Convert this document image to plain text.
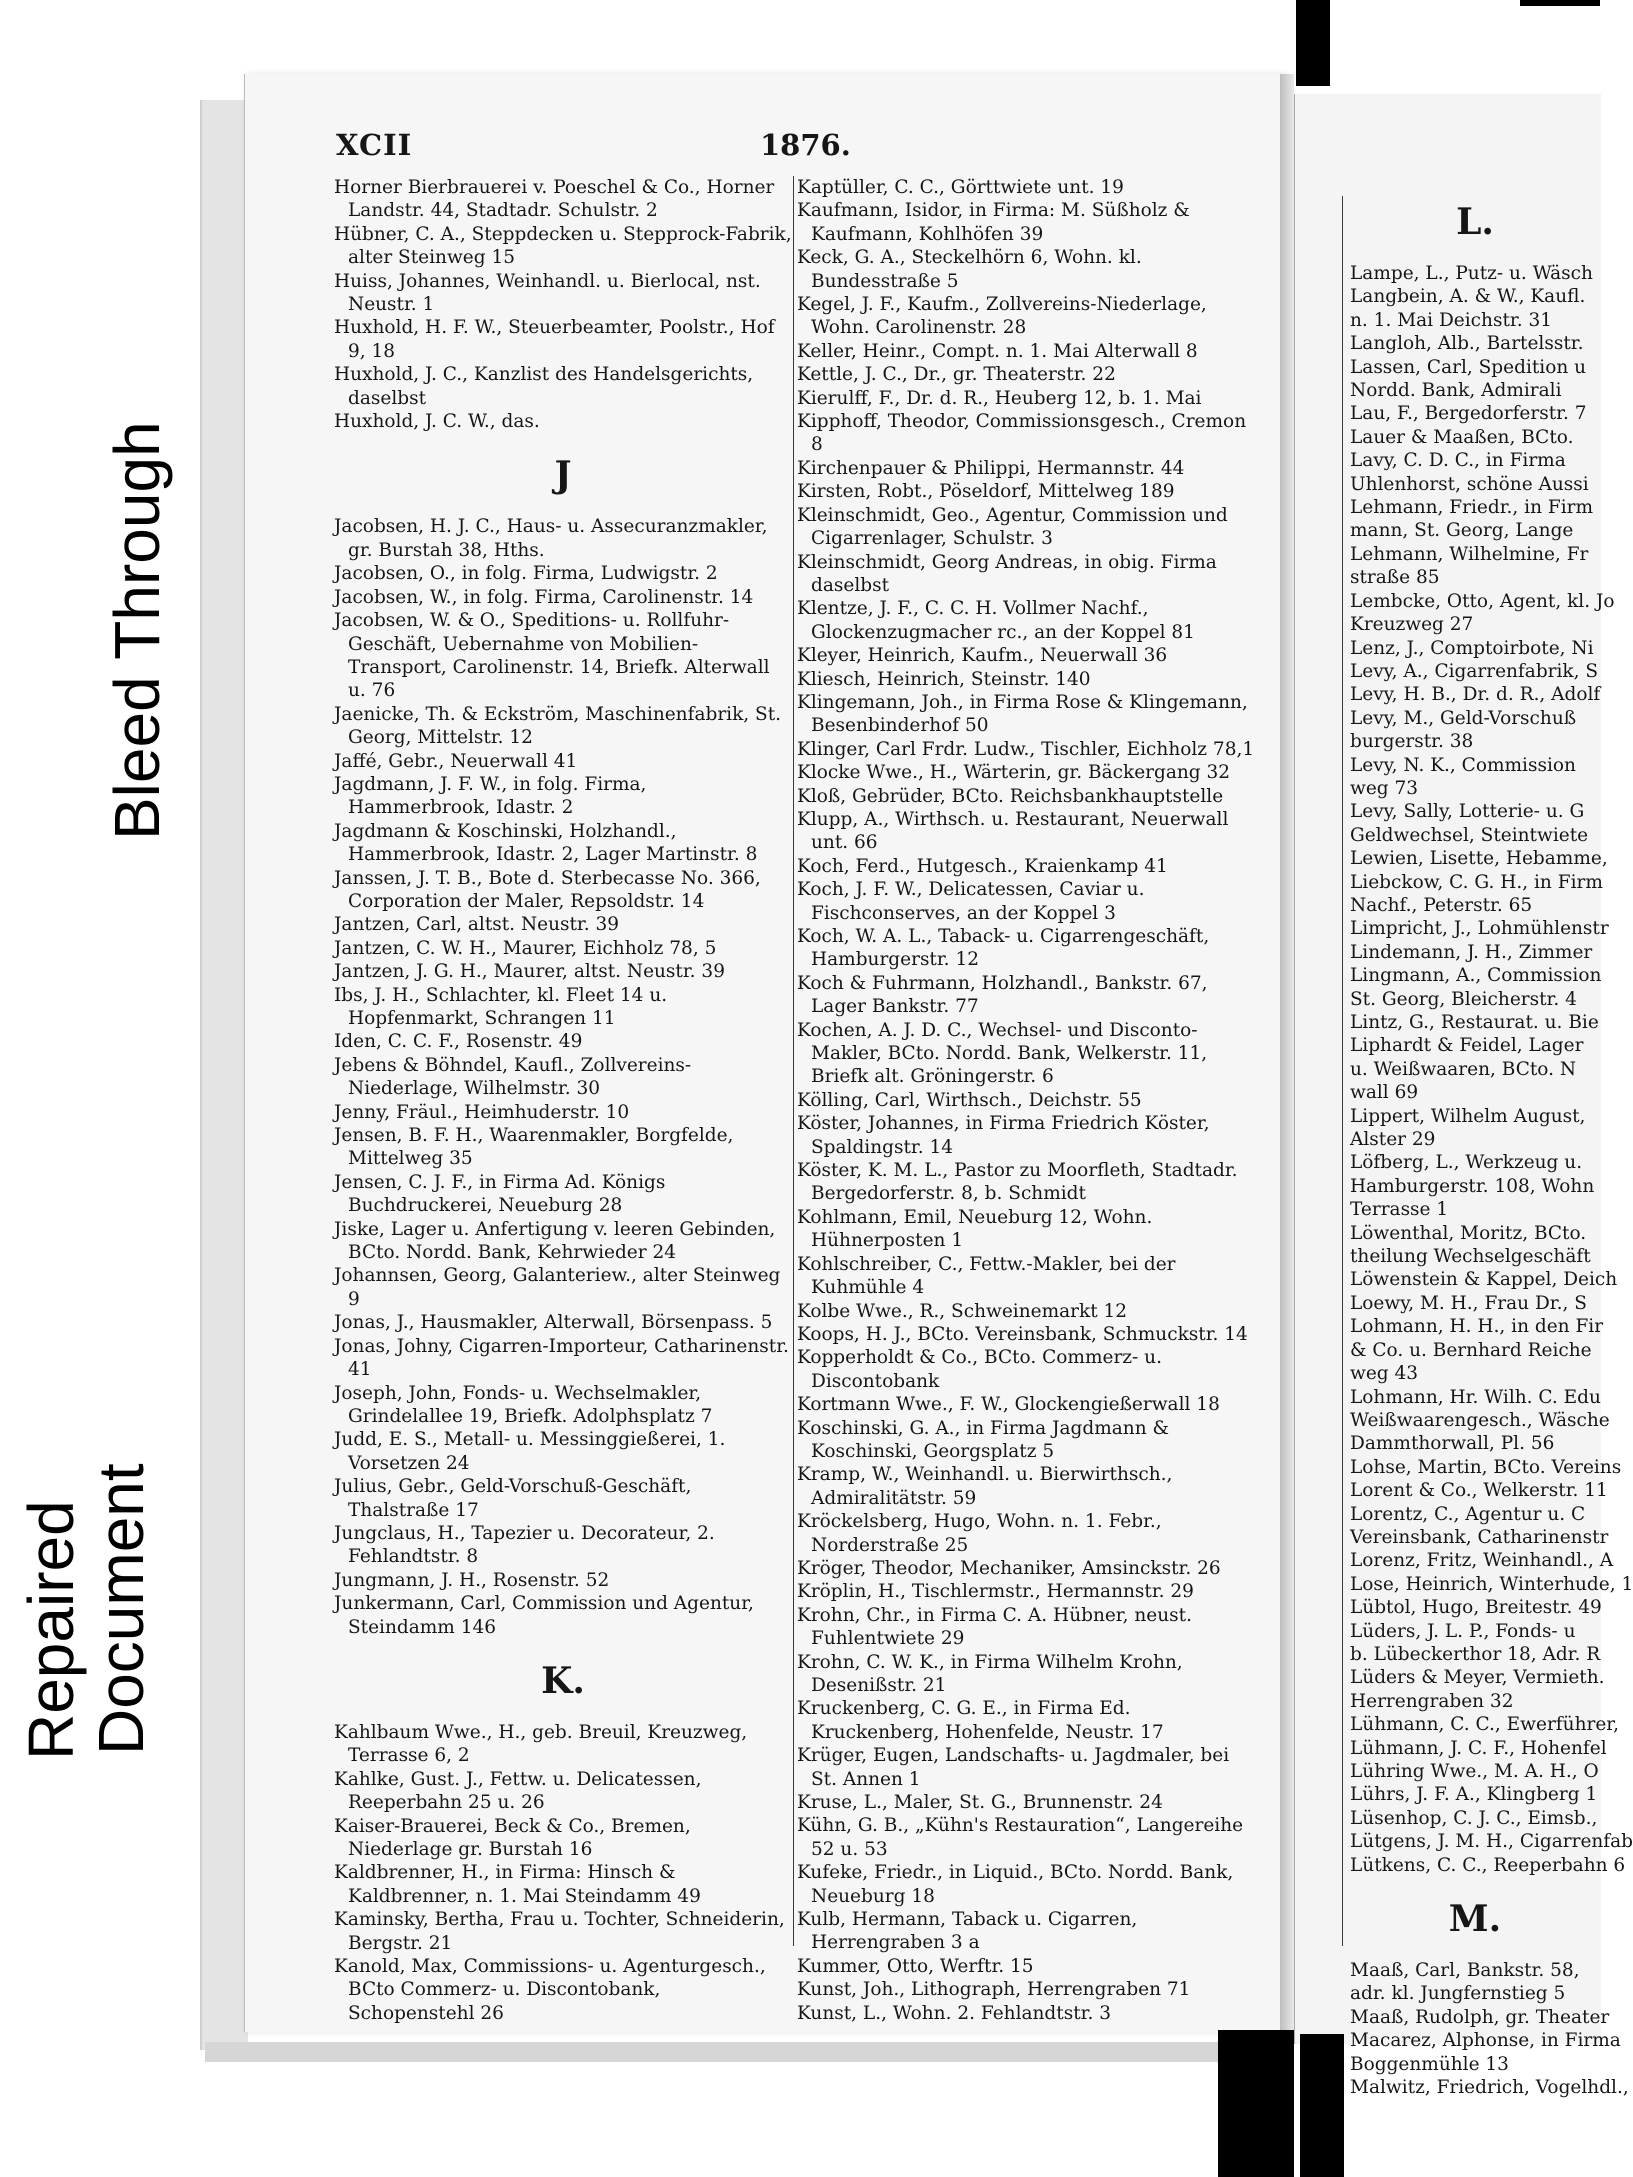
Bleed Through
Repaired
Document
XCII	1876.

Horner Bierbrauerei v. Poeschel & Co., Horner Landstr. 44, Stadtadr. Schulstr. 2

Hübner, C. A., Steppdecken u. Stepprock-Fabrik, alter Steinweg 15

Huiss, Johannes, Weinhandl. u. Bierlocal, nst. Neustr. 1

Huxhold, H. F. W., Steuerbeamter, Poolstr., Hof 9, 18

Huxhold, J. C., Kanzlist des Handelsgerichts, daselbst

Huxhold, J. C. W., das.

J

Jacobsen, H. J. C., Haus- u. Assecuranzmakler, gr. Burstah 38, Hths.

Jacobsen, O., in folg. Firma, Ludwigstr. 2

Jacobsen, W., in folg. Firma, Carolinenstr. 14

Jacobsen, W. & O., Speditions- u. Rollfuhr-Geschäft, Uebernahme von Mobilien-Transport, Carolinenstr. 14, Briefk. Alterwall u. 76

Jaenicke, Th. & Eckström, Maschinenfabrik, St. Georg, Mittelstr. 12

Jaffé, Gebr., Neuerwall 41

Jagdmann, J. F. W., in folg. Firma, Hammerbrook, Idastr. 2

Jagdmann & Koschinski, Holzhandl., Hammerbrook, Idastr. 2, Lager Martinstr. 8

Janssen, J. T. B., Bote d. Sterbecasse No. 366, Corporation der Maler, Repsoldstr. 14

Jantzen, Carl, altst. Neustr. 39

Jantzen, C. W. H., Maurer, Eichholz 78, 5

Jantzen, J. G. H., Maurer, altst. Neustr. 39

Ibs, J. H., Schlachter, kl. Fleet 14 u. Hopfenmarkt, Schrangen 11

Iden, C. C. F., Rosenstr. 49

Jebens & Böhndel, Kaufl., Zollvereins-Niederlage, Wilhelmstr. 30

Jenny, Fräul., Heimhuderstr. 10

Jensen, B. F. H., Waarenmakler, Borgfelde, Mittelweg 35

Jensen, C. J. F., in Firma Ad. Königs Buchdruckerei, Neueburg 28

Jiske, Lager u. Anfertigung v. leeren Gebinden, BCto. Nordd. Bank, Kehrwieder 24

Johannsen, Georg, Galanteriew., alter Steinweg 9

Jonas, J., Hausmakler, Alterwall, Börsenpass. 5

Jonas, Johny, Cigarren-Importeur, Catharinenstr. 41

Joseph, John, Fonds- u. Wechselmakler, Grindelallee 19, Briefk. Adolphsplatz 7

Judd, E. S., Metall- u. Messinggießerei, 1. Vorsetzen 24

Julius, Gebr., Geld-Vorschuß-Geschäft, Thalstraße 17

Jungclaus, H., Tapezier u. Decorateur, 2. Fehlandtstr. 8

Jungmann, J. H., Rosenstr. 52

Junkermann, Carl, Commission und Agentur, Steindamm 146

K.

Kahlbaum Wwe., H., geb. Breuil, Kreuzweg, Terrasse 6, 2

Kahlke, Gust. J., Fettw. u. Delicatessen, Reeperbahn 25 u. 26

Kaiser-Brauerei, Beck & Co., Bremen, Niederlage gr. Burstah 16

Kaldbrenner, H., in Firma: Hinsch & Kaldbrenner, n. 1. Mai Steindamm 49

Kaminsky, Bertha, Frau u. Tochter, Schneiderin, Bergstr. 21

Kanold, Max, Commissions- u. Agenturgesch., BCto Commerz- u. Discontobank, Schopenstehl 26

Kaptüller, C. C., Görttwiete unt. 19

Kaufmann, Isidor, in Firma: M. Süßholz & Kaufmann, Kohlhöfen 39

Keck, G. A., Steckelhörn 6, Wohn. kl. Bundesstraße 5

Kegel, J. F., Kaufm., Zollvereins-Niederlage, Wohn. Carolinenstr. 28

Keller, Heinr., Compt. n. 1. Mai Alterwall 8

Kettle, J. C., Dr., gr. Theaterstr. 22

Kierulff, F., Dr. d. R., Heuberg 12, b. 1. Mai

Kipphoff, Theodor, Commissionsgesch., Cremon 8

Kirchenpauer & Philippi, Hermannstr. 44

Kirsten, Robt., Pöseldorf, Mittelweg 189

Kleinschmidt, Geo., Agentur, Commission und Cigarrenlager, Schulstr. 3

Kleinschmidt, Georg Andreas, in obig. Firma daselbst

Klentze, J. F., C. C. H. Vollmer Nachf., Glockenzugmacher rc., an der Koppel 81

Kleyer, Heinrich, Kaufm., Neuerwall 36

Kliesch, Heinrich, Steinstr. 140

Klingemann, Joh., in Firma Rose & Klingemann, Besenbinderhof 50

Klinger, Carl Frdr. Ludw., Tischler, Eichholz 78,1

Klocke Wwe., H., Wärterin, gr. Bäckergang 32

Kloß, Gebrüder, BCto. Reichsbankhauptstelle

Klupp, A., Wirthsch. u. Restaurant, Neuerwall unt. 66

Koch, Ferd., Hutgesch., Kraienkamp 41

Koch, J. F. W., Delicatessen, Caviar u. Fischconserves, an der Koppel 3

Koch, W. A. L., Taback- u. Cigarrengeschäft, Hamburgerstr. 12

Koch & Fuhrmann, Holzhandl., Bankstr. 67, Lager Bankstr. 77

Kochen, A. J. D. C., Wechsel- und Disconto-Makler, BCto. Nordd. Bank, Welkerstr. 11, Briefk alt. Gröningerstr. 6

Kölling, Carl, Wirthsch., Deichstr. 55

Köster, Johannes, in Firma Friedrich Köster, Spaldingstr. 14

Köster, K. M. L., Pastor zu Moorfleth, Stadtadr. Bergedorferstr. 8, b. Schmidt

Kohlmann, Emil, Neueburg 12, Wohn. Hühnerposten 1

Kohlschreiber, C., Fettw.-Makler, bei der Kuhmühle 4

Kolbe Wwe., R., Schweinemarkt 12

Koops, H. J., BCto. Vereinsbank, Schmuckstr. 14

Kopperholdt & Co., BCto. Commerz- u. Discontobank

Kortmann Wwe., F. W., Glockengießerwall 18

Koschinski, G. A., in Firma Jagdmann & Koschinski, Georgsplatz 5

Kramp, W., Weinhandl. u. Bierwirthsch., Admiralitätstr. 59

Kröckelsberg, Hugo, Wohn. n. 1. Febr., Norderstraße 25

Kröger, Theodor, Mechaniker, Amsinckstr. 26

Kröplin, H., Tischlermstr., Hermannstr. 29

Krohn, Chr., in Firma C. A. Hübner, neust. Fuhlentwiete 29

Krohn, C. W. K., in Firma Wilhelm Krohn, Desenißstr. 21

Kruckenberg, C. G. E., in Firma Ed. Kruckenberg, Hohenfelde, Neustr. 17

Krüger, Eugen, Landschafts- u. Jagdmaler, bei St. Annen 1

Kruse, L., Maler, St. G., Brunnenstr. 24

Kühn, G. B., „Kühn's Restauration“, Langereihe 52 u. 53

Kufeke, Friedr., in Liquid., BCto. Nordd. Bank, Neueburg 18

Kulb, Hermann, Taback u. Cigarren, Herrengraben 3 a

Kummer, Otto, Werftr. 15

Kunst, Joh., Lithograph, Herrengraben 71

Kunst, L., Wohn. 2. Fehlandtstr. 3

L.

Lampe, L., Putz- u. Wäsch

Langbein, A. & W., Kaufl.

n. 1. Mai Deichstr. 31

Langloh, Alb., Bartelsstr.

Lassen, Carl, Spedition u

Nordd. Bank, Admirali

Lau, F., Bergedorferstr. 7

Lauer & Maaßen, BCto.

Lavy, C. D. C., in Firma

Uhlenhorst, schöne Aussi

Lehmann, Friedr., in Firm

mann, St. Georg, Lange

Lehmann, Wilhelmine, Fr

straße 85

Lembcke, Otto, Agent, kl. Jo

Kreuzweg 27

Lenz, J., Comptoirbote, Ni

Levy, A., Cigarrenfabrik, S

Levy, H. B., Dr. d. R., Adolf

Levy, M., Geld-Vorschuß

burgerstr. 38

Levy, N. K., Commission

weg 73

Levy, Sally, Lotterie- u. G

Geldwechsel, Steintwiete

Lewien, Lisette, Hebamme,

Liebckow, C. G. H., in Firm

Nachf., Peterstr. 65

Limpricht, J., Lohmühlenstr

Lindemann, J. H., Zimmer

Lingmann, A., Commission

St. Georg, Bleicherstr. 4

Lintz, G., Restaurat. u. Bie

Liphardt & Feidel, Lager

u. Weißwaaren, BCto. N

wall 69

Lippert, Wilhelm August,

Alster 29

Löfberg, L., Werkzeug u.

Hamburgerstr. 108, Wohn

Terrasse 1

Löwenthal, Moritz, BCto.

theilung Wechselgeschäft

Löwenstein & Kappel, Deich

Loewy, M. H., Frau Dr., S

Lohmann, H. H., in den Fir

& Co. u. Bernhard Reiche

weg 43

Lohmann, Hr. Wilh. C. Edu

Weißwaarengesch., Wäsche

Dammthorwall, Pl. 56

Lohse, Martin, BCto. Vereins

Lorent & Co., Welkerstr. 11

Lorentz, C., Agentur u. C

Vereinsbank, Catharinenstr

Lorenz, Fritz, Weinhandl., A

Lose, Heinrich, Winterhude, 1

Lübtol, Hugo, Breitestr. 49

Lüders, J. L. P., Fonds- u

b. Lübeckerthor 18, Adr. R

Lüders & Meyer, Vermieth.

Herrengraben 32

Lühmann, C. C., Ewerführer,

Lühmann, J. C. F., Hohenfel

Lühring Wwe., M. A. H., O

Lührs, J. F. A., Klingberg 1

Lüsenhop, C. J. C., Eimsb.,

Lütgens, J. M. H., Cigarrenfab

Lütkens, C. C., Reeperbahn 6

M.

Maaß, Carl, Bankstr. 58,

adr. kl. Jungfernstieg 5

Maaß, Rudolph, gr. Theater

Macarez, Alphonse, in Firma

Boggenmühle 13

Malwitz, Friedrich, Vogelhdl.,
